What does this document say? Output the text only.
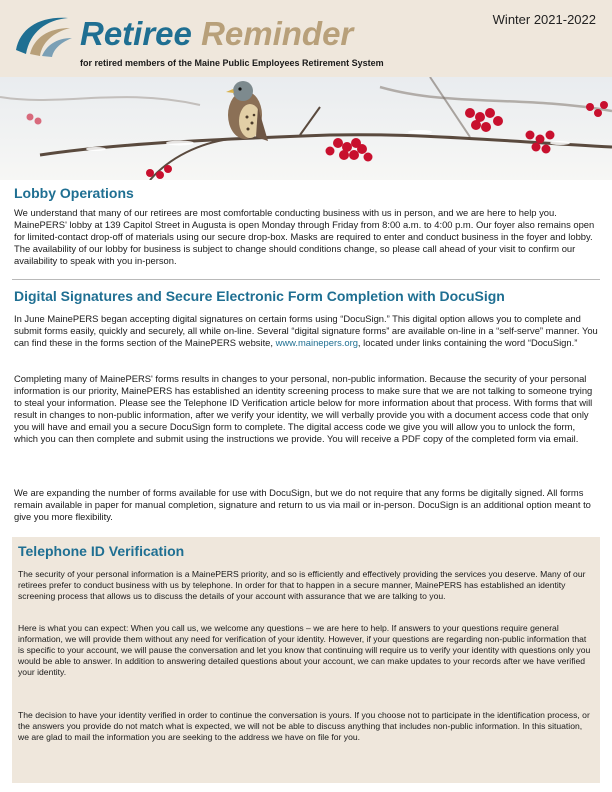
Retiree Reminder
for retired members of the Maine Public Employees Retirement System
Winter 2021-2022
Lobby Operations

We understand that many of our retirees are most comfortable conducting business with us in person, and we are here to help you. MainePERS' lobby at 139 Capitol Street in Augusta is open Monday through Friday from 8:00 a.m. to 4:00 p.m. Our foyer also remains open for limited-contact drop-off of materials using our secure drop-box. Masks are required to enter and conduct business in the foyer and lobby. The availability of our lobby for business is subject to change should conditions change, so please call ahead of your visit to confirm our availability to speak with you in-person.

Digital Signatures and Secure Electronic Form Completion with DocuSign

In June MainePERS began accepting digital signatures on certain forms using “DocuSign.” This digital option allows you to complete and submit forms easily, quickly and securely, all while on-line. Several “digital signature forms” are available on-line in a “self-serve” manner. You can find these in the forms section of the MainePERS website, www.mainepers.org, located under links containing the word “DocuSign.”

Completing many of MainePERS' forms results in changes to your personal, non-public information. Because the security of your personal information is our priority, MainePERS has established an identity screening process to make sure that we are not talking to someone trying to steal your information. Please see the Telephone ID Verification article below for more information about that process. With forms that will result in changes to non-public information, after we verify your identity, we will verbally provide you with a document access code that only you will have and email you a secure DocuSign form to complete. The digital access code we give you will allow you to unlock the form, which you can then complete and submit using the instructions we provide. You will receive a PDF copy of the completed form via email.

We are expanding the number of forms available for use with DocuSign, but we do not require that any forms be digitally signed. All forms remain available in paper for manual completion, signature and return to us via mail or in-person. DocuSign is an additional option meant to give you more flexibility.

Telephone ID Verification

The security of your personal information is a MainePERS priority, and so is efficiently and effectively providing the services you deserve. Many of our retirees prefer to conduct business with us by telephone. In order for that to happen in a secure manner, MainePERS has established an identity screening process that allows us to discuss the details of your account with assurance that we are talking to you.

Here is what you can expect: When you call us, we welcome any questions – we are here to help. If answers to your questions require general information, we will provide them without any need for verification of your identity. However, if your questions are regarding non-public information that is specific to your account, we will pause the conversation and let you know that continuing will require us to verify your identity with questions only you would be able to answer. In addition to answering detailed questions about your account, we can make updates to your records after we have verified your identity.

The decision to have your identity verified in order to continue the conversation is yours. If you choose not to participate in the identification process, or the answers you provide do not match what is expected, we will not be able to discuss anything that includes non-public information. In this situation, we are glad to mail the information you are seeking to the address we have on file for you.
